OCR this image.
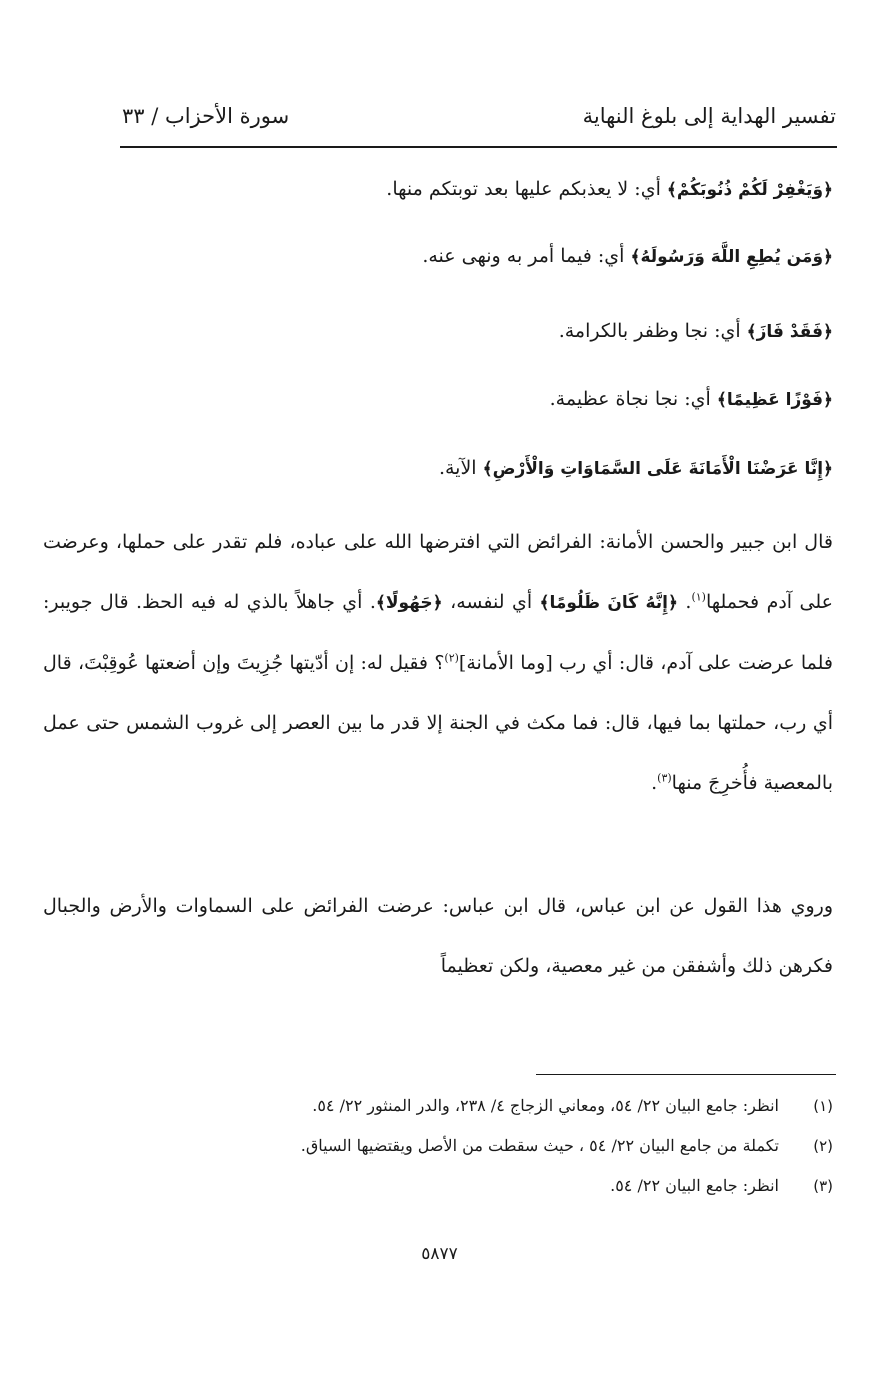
تفسير الهداية إلى بلوغ النهاية
سورة الأحزاب / ٣٣
﴿وَيَغْفِرْ لَكُمْ ذُنُوبَكُمْ﴾ أي: لا يعذبكم عليها بعد توبتكم منها.
﴿وَمَن يُطِعِ اللَّهَ وَرَسُولَهُ﴾ أي: فيما أمر به ونهى عنه.
﴿فَقَدْ فَازَ﴾ أي: نجا وظفر بالكرامة.
﴿فَوْزًا عَظِيمًا﴾ أي: نجا نجاة عظيمة.
﴿إِنَّا عَرَضْنَا الْأَمَانَةَ عَلَى السَّمَاوَاتِ وَالْأَرْضِ﴾ الآية.

قال ابن جبير والحسن الأمانة: الفرائض التي افترضها الله على عباده، فلم تقدر على حملها، وعرضت على آدم فحملها$^{(١)}$. ﴿إِنَّهُ كَانَ ظَلُومًا﴾ أي لنفسه، ﴿جَهُولًا﴾. أي جاهلاً بالذي له فيه الحظ. قال جويبر: فلما عرضت على آدم، قال: أي رب [وما الأمانة]$^{(٢)}$؟ فقيل له: إن أدّيتها جُزِيتَ وإن أضعتها عُوقِبْتَ، قال أي رب، حملتها بما فيها، قال: فما مكث في الجنة إلا قدر ما بين العصر إلى غروب الشمس حتى عمل بالمعصية فأُخرِجَ منها$^{(٣)}$.

وروي هذا القول عن ابن عباس، قال ابن عباس: عرضت الفرائض على السماوات والأرض والجبال فكرهن ذلك وأشفقن من غير معصية، ولكن تعظيماً

(١)
انظر: جامع البيان ٢٢/ ٥٤، ومعاني الزجاج ٤/ ٢٣٨، والدر المنثور ٢٢/ ٥٤.
(٢)
تكملة من جامع البيان ٢٢/ ٥٤ ، حيث سقطت من الأصل ويقتضيها السياق.
(٣)
انظر: جامع البيان ٢٢/ ٥٤.
٥٨٧٧
